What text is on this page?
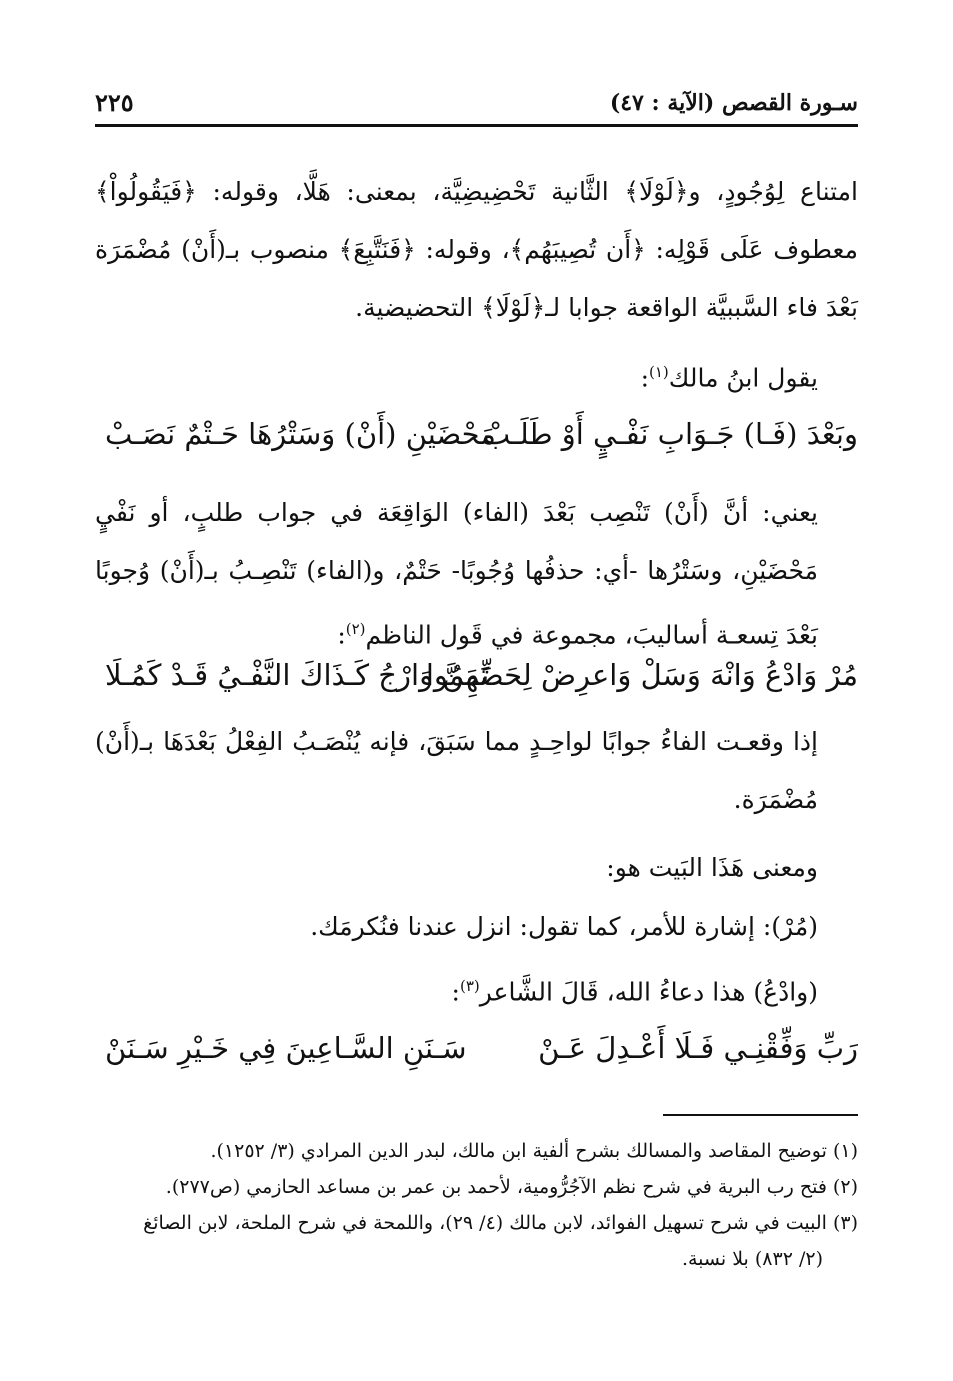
سـورة القصص (الآية : ٤٧)
٢٢٥
امتناع لِوُجُودٍ، و﴿لَوْلَا﴾ الثَّانية تَحْضِيضِيَّة، بمعنى: هَلَّا، وقوله: ﴿فَيَقُولُواْ﴾ معطوف عَلَى قَوْلِه: ﴿أَن تُصِيبَهُم﴾، وقوله: ﴿فَنَتَّبِعَ﴾ منصوب بـ(أَنْ) مُضْمَرَة بَعْدَ فاء السَّببيَّة الواقعة جوابا لـ﴿لَوْلَا﴾ التحضيضية.
يقول ابنُ مالك$^{(١)}$:
وبَعْدَ (فَـا) جَـوَابِ نَفْـيٍ أَوْ طَلَـبْ
مَحْضَيْنِ (أَنْ) وَسَتْرُهَا حَـتْمٌ نَصَـبْ
يعني: أنَّ (أَنْ) تَنْصِب بَعْدَ (الفاء) الوَاقِعَة في جواب طلبٍ، أو نَفْيٍ مَحْضَيْنِ، وسَتْرُها -أي: حذفُها وُجُوبًا- حَتْمٌ، و(الفاء) تَنْصِـبُ بـ(أَنْ) وُجوبًا بَعْدَ تِسعـة أساليبَ، مجموعة في قَول الناظم$^{(٢)}$:
مُرْ وَادْعُ وَانْهَ وَسَلْ وَاعرِضْ لِحَضِّهِمُوا
تَمَنَّ وَارْجُ كَـذَاكَ النَّفْـيُ قَـدْ كَمُـلَا
إذا وقعـت الفاءُ جوابًا لواحِـدٍ مما سَبَقَ، فإنه يُنْصَـبُ الفِعْلُ بَعْدَهَا بـ(أَنْ) مُضْمَرَة.
ومعنى هَذَا البَيت هو:
(مُرْ): إشارة للأمر، كما تقول: انزل عندنا فنُكرمَك.
(وادْعُ) هذا دعاءُ الله، قَالَ الشَّاعر$^{(٣)}$:
رَبِّ وَفِّقْنِـي فَـلَا أَعْـدِلَ عَـنْ
سَـنَنِ السَّـاعِينَ فِي خَـيْرِ سَـنَنْ
(١) توضيح المقاصد والمسالك بشرح ألفية ابن مالك، لبدر الدين المرادي (٣/ ١٢٥٢).
(٢) فتح رب البرية في شرح نظم الآجُرُّومية، لأحمد بن عمر بن مساعد الحازمي (ص٢٧٧).
(٣) البيت في شرح تسهيل الفوائد، لابن مالك (٤/ ٢٩)، واللمحة في شرح الملحة، لابن الصائغ
(٢/ ٨٣٢) بلا نسبة.
